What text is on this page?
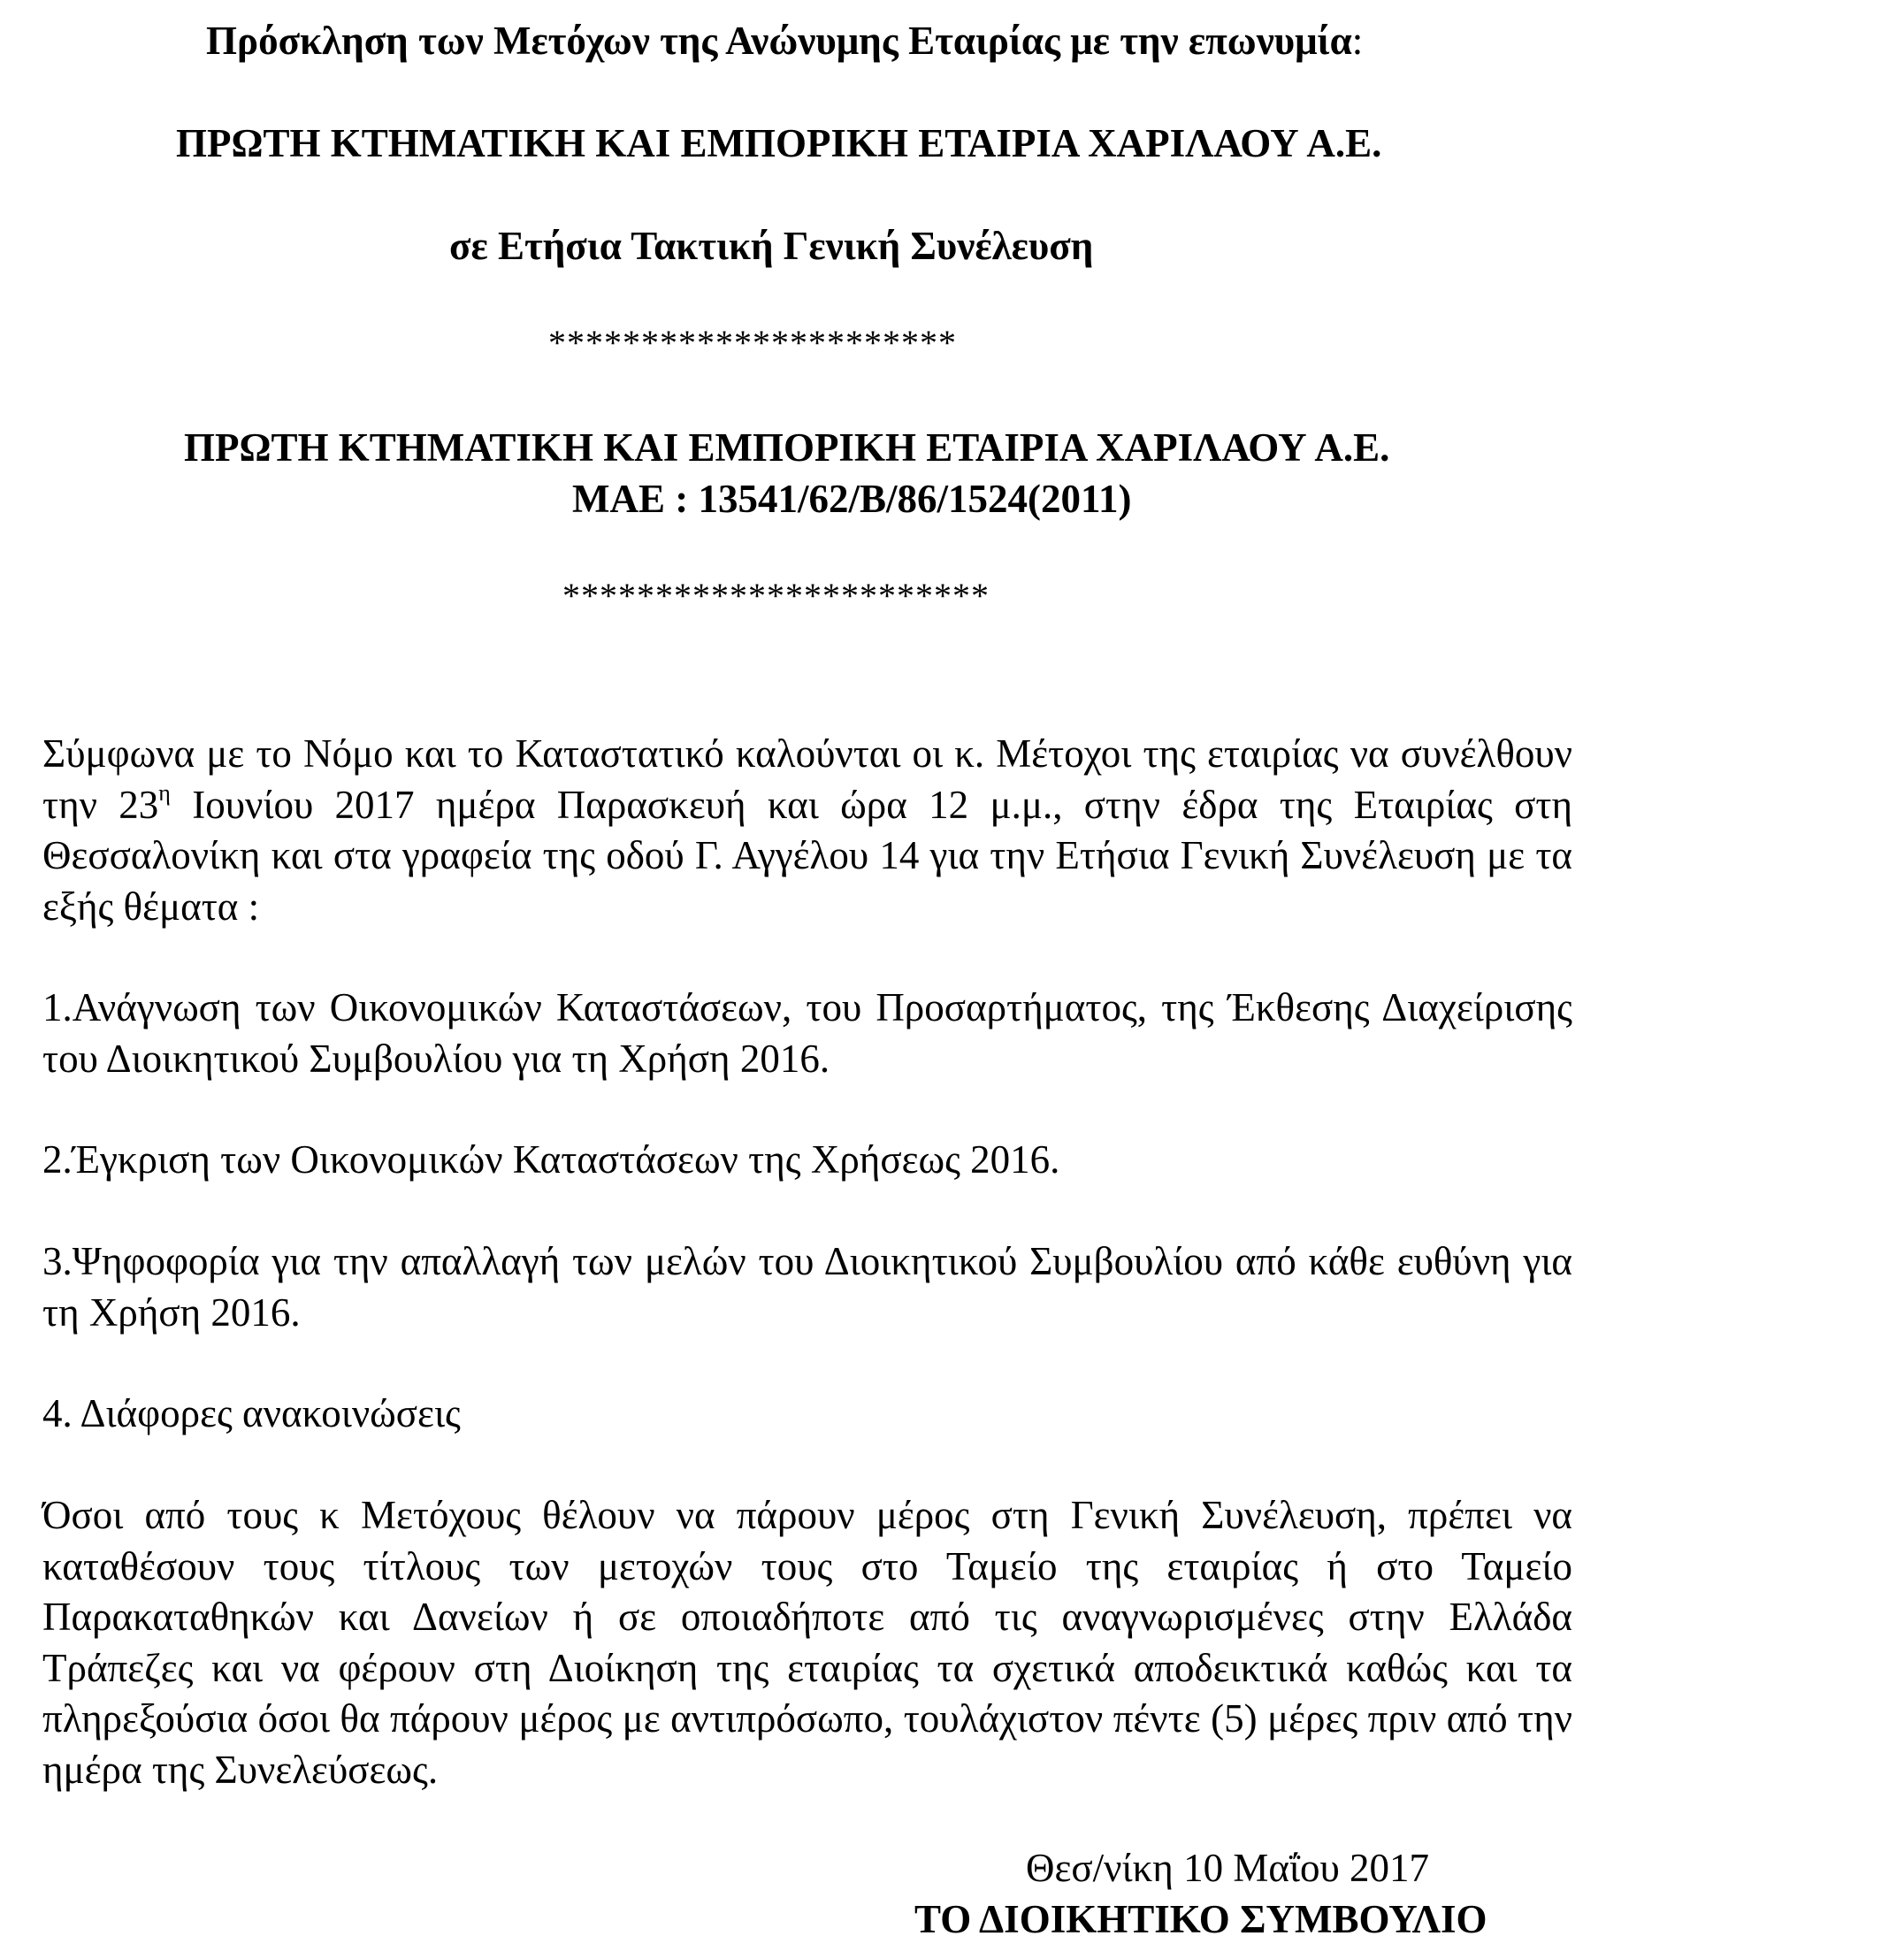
Πρόσκληση των Μετόχων της Ανώνυμης Εταιρίας με την επωνυμία:
ΠΡΩΤΗ ΚΤΗΜΑΤΙΚΗ ΚΑΙ ΕΜΠΟΡΙΚΗ ΕΤΑΙΡΙΑ ΧΑΡΙΛΑΟΥ Α.Ε.
σε Ετήσια Τακτική Γενική Συνέλευση
**********************
ΠΡΩΤΗ ΚΤΗΜΑΤΙΚΗ ΚΑΙ ΕΜΠΟΡΙΚΗ ΕΤΑΙΡΙΑ ΧΑΡΙΛΑΟΥ Α.Ε.
ΜΑΕ : 13541/62/Β/86/1524(2011)
***********************

Σύμφωνα με το Νόμο και το Καταστατικό καλούνται οι κ. Μέτοχοι της εταιρίας να συνέλθουν την $23^\eta$ Ιουνίου 2017 ημέρα Παρασκευή και ώρα 12 μ.μ., στην έδρα της Εταιρίας στη Θεσσαλονίκη και στα γραφεία της οδού Γ. Αγγέλου 14 για την Ετήσια Γενική Συνέλευση με τα εξής θέματα :

1.Ανάγνωση των Οικονομικών Καταστάσεων, του Προσαρτήματος, της Έκθεσης Διαχείρισης του Διοικητικού Συμβουλίου για τη Χρήση 2016.
2.Έγκριση των Οικονομικών Καταστάσεων της Χρήσεως 2016.
3.Ψηφοφορία για την απαλλαγή των μελών του Διοικητικού Συμβουλίου από κάθε ευθύνη για τη Χρήση 2016.
4. Διάφορες ανακοινώσεις
Όσοι από τους κ Μετόχους θέλουν να πάρουν μέρος στη Γενική Συνέλευση, πρέπει να καταθέσουν τους τίτλους των μετοχών τους στο Ταμείο της εταιρίας ή στο Ταμείο Παρακαταθηκών και Δανείων ή σε οποιαδήποτε από τις αναγνωρισμένες στην Ελλάδα Τράπεζες και να φέρουν στη Διοίκηση της εταιρίας τα σχετικά αποδεικτικά καθώς και τα πληρεξούσια όσοι θα πάρουν μέρος με αντιπρόσωπο, τουλάχιστον πέντε (5) μέρες πριν από την ημέρα της Συνελεύσεως.
Θεσ/νίκη 10 Μαΐου 2017
ΤΟ ΔΙΟΙΚΗΤΙΚΟ ΣΥΜΒΟΥΛΙΟ
